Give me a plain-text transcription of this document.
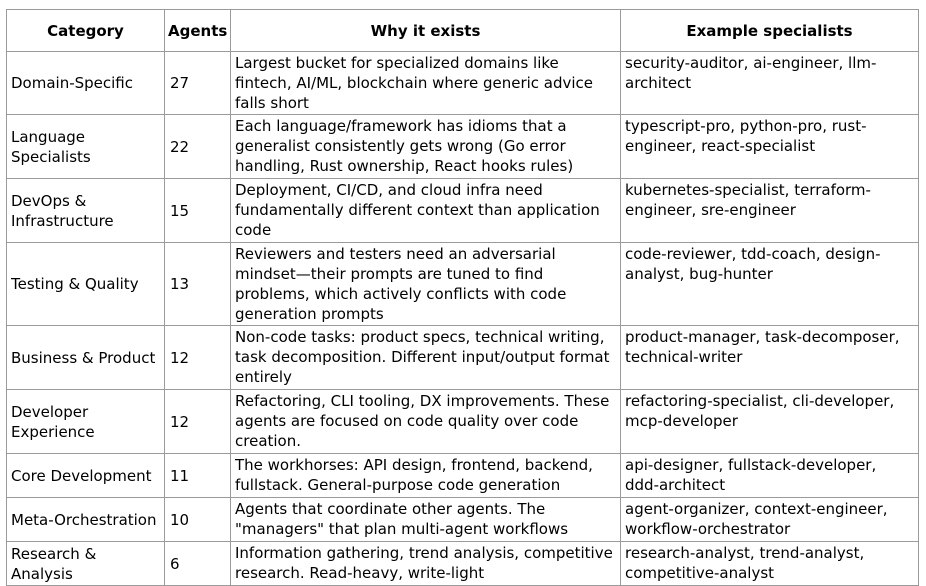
Category	Agents	Why it exists	Example specialists
Domain-Specific	27	Largest bucket for specialized domains like fintech, AI/ML, blockchain where generic advice falls short	security-auditor, ai-engineer, llm-architect
Language Specialists	22	Each language/framework has idioms that a generalist consistently gets wrong (Go error handling, Rust ownership, React hooks rules)	typescript-pro, python-pro, rust-engineer, react-specialist
DevOps & Infrastructure	15	Deployment, CI/CD, and cloud infra need fundamentally different context than application code	kubernetes-specialist, terraform-engineer, sre-engineer
Testing & Quality	13	Reviewers and testers need an adversarial mindset—their prompts are tuned to find problems, which actively conflicts with code generation prompts	code-reviewer, tdd-coach, design-analyst, bug-hunter
Business & Product	12	Non-code tasks: product specs, technical writing, task decomposition. Different input/output format entirely	product-manager, task-decomposer, technical-writer
Developer Experience	12	Refactoring, CLI tooling, DX improvements. These agents are focused on code quality over code creation.	refactoring-specialist, cli-developer, mcp-developer
Core Development	11	The workhorses: API design, frontend, backend, fullstack. General-purpose code generation	api-designer, fullstack-developer, ddd-architect
Meta-Orchestration	10	Agents that coordinate other agents. The "managers" that plan multi-agent workflows	agent-organizer, context-engineer, workflow-orchestrator
Research & Analysis	6	Information gathering, trend analysis, competitive research. Read-heavy, write-light	research-analyst, trend-analyst, competitive-analyst
